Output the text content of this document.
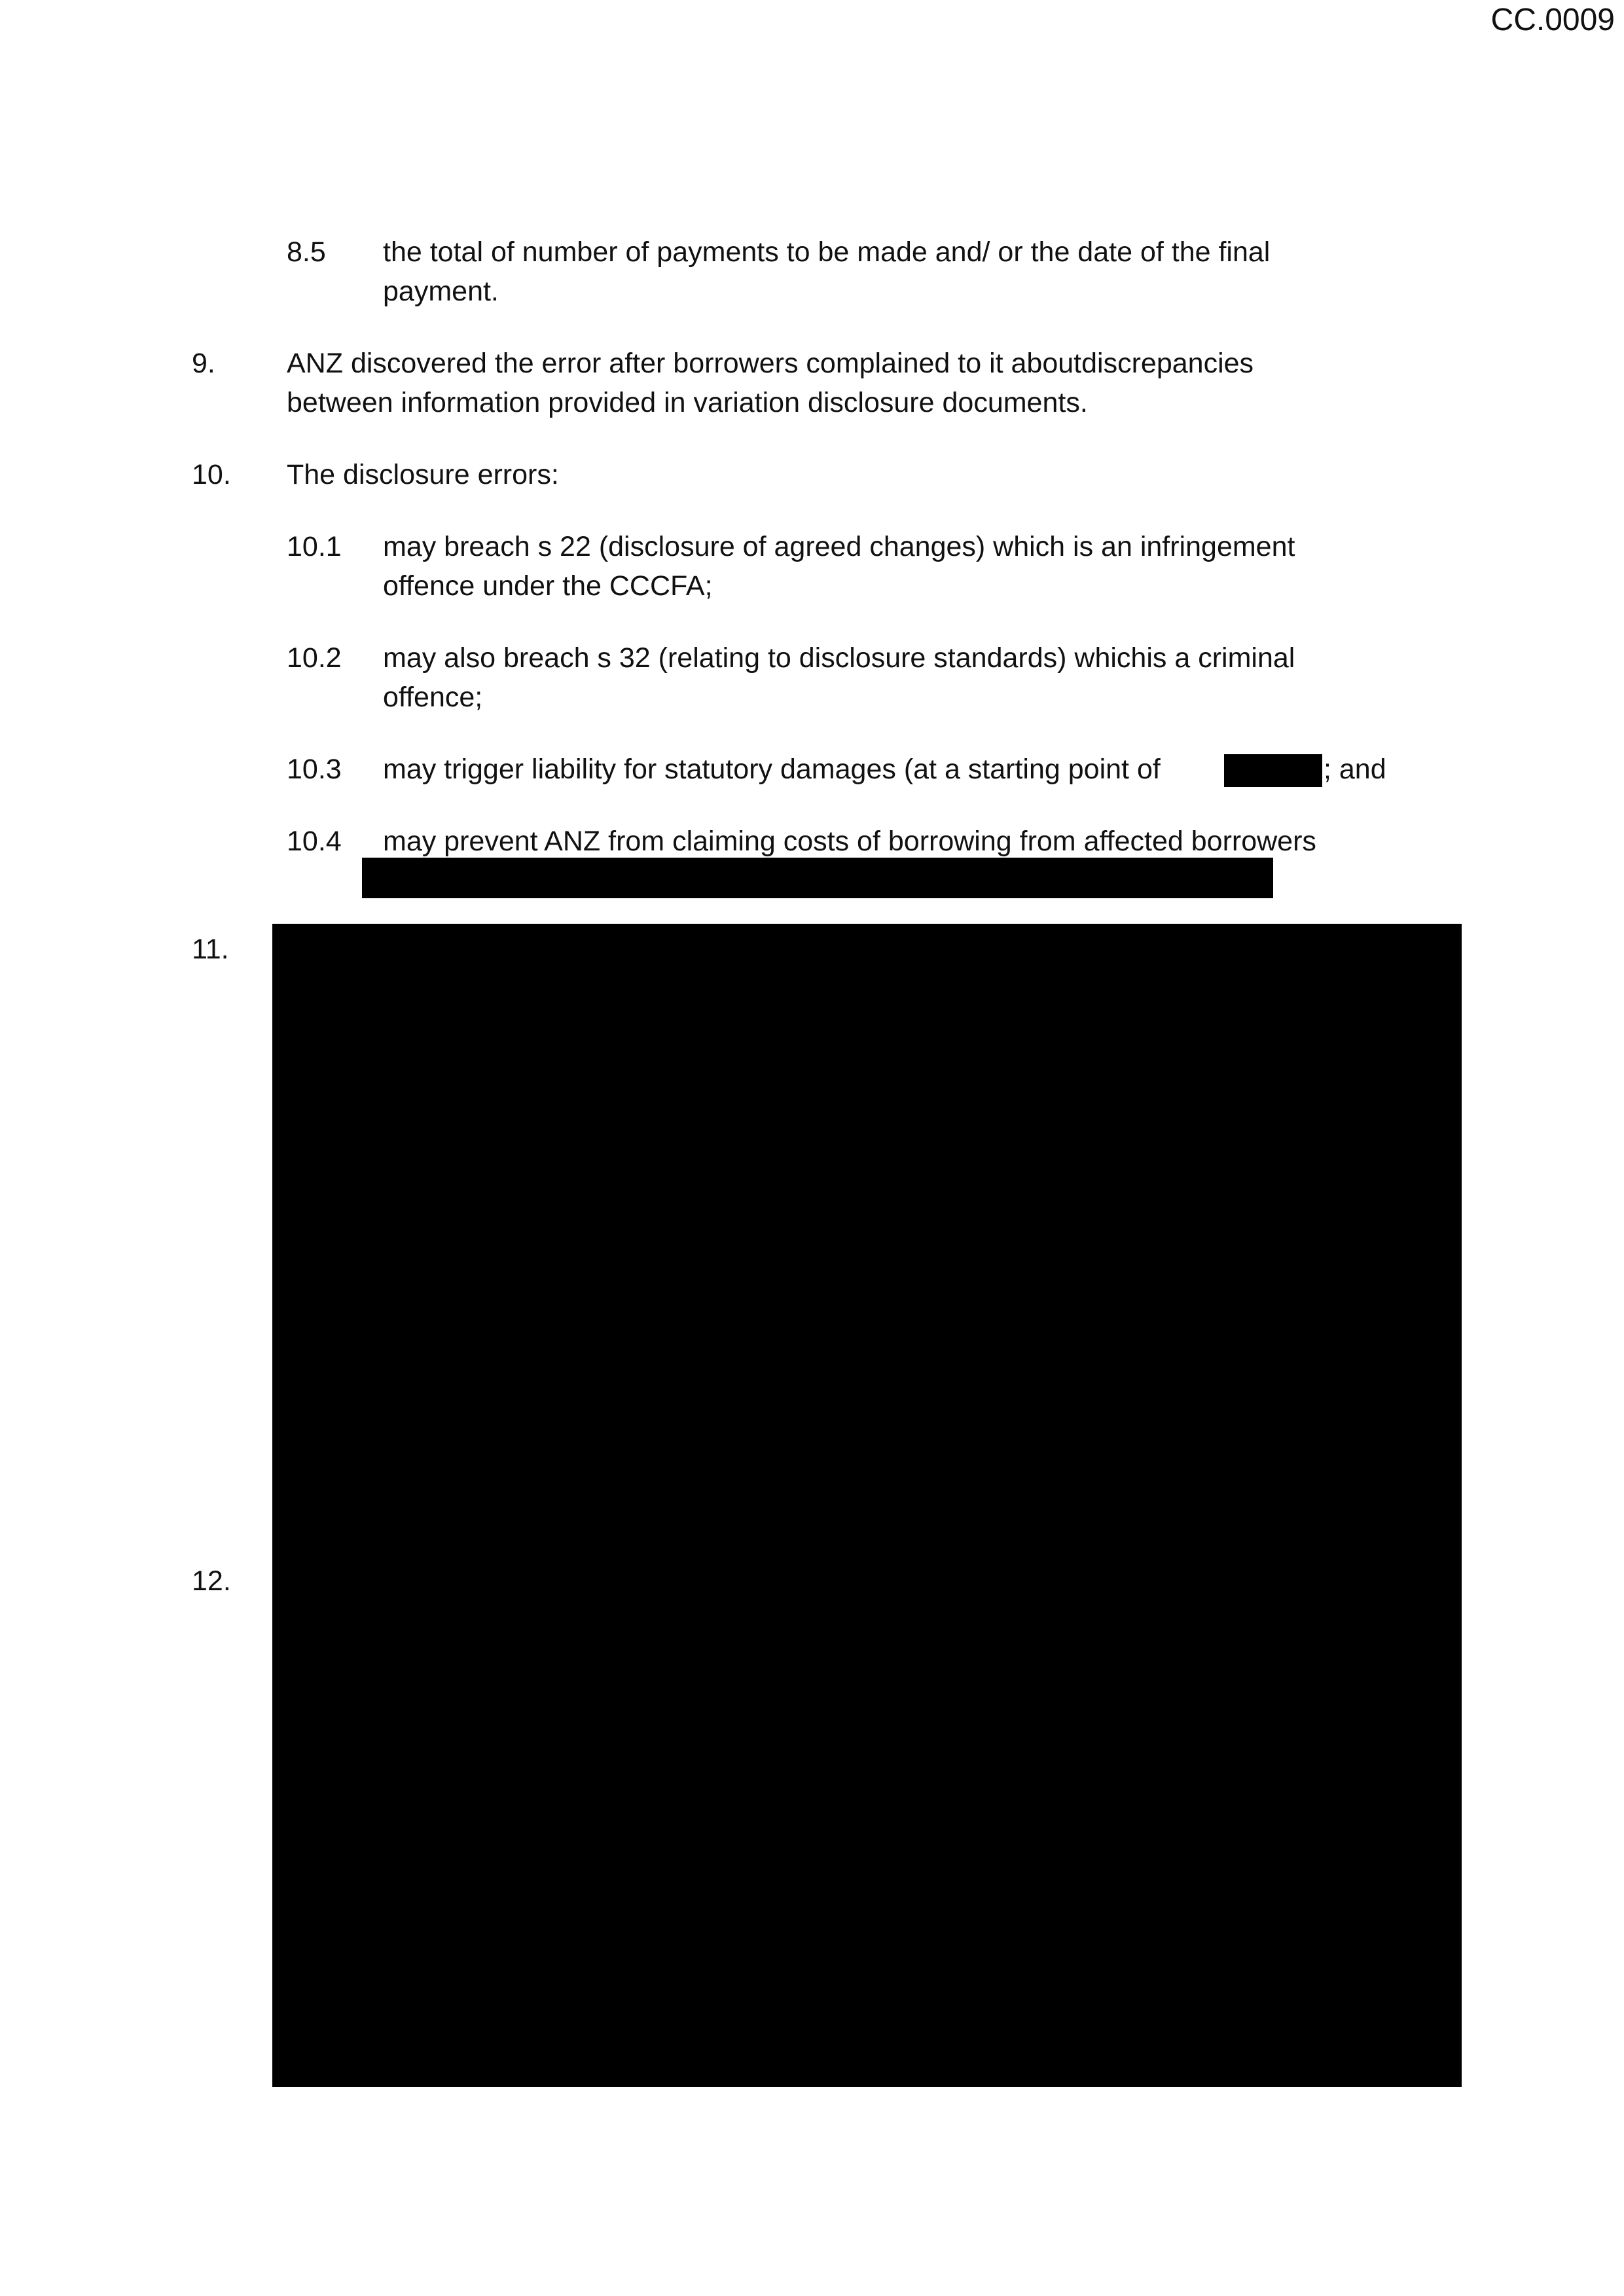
CC.0009
8.5 the total of number of payments to be made and/ or the date of the final
payment.
9.	ANZ discovered the error after borrowers complained to it aboutdiscrepancies
between information provided in variation disclosure documents.
10. The disclosure errors:
10.1 may breach s 22 (disclosure of agreed changes) which is an infringement
offence under the CCCFA;
10.2 may also breach s 32 (relating to disclosure standards) whichis a criminal
offence;
10.3 may trigger liability for statutory damages (at a starting point of	; and
10.4 may prevent ANZ from claiming costs of borrowing from affected borrowers
11.
12.
